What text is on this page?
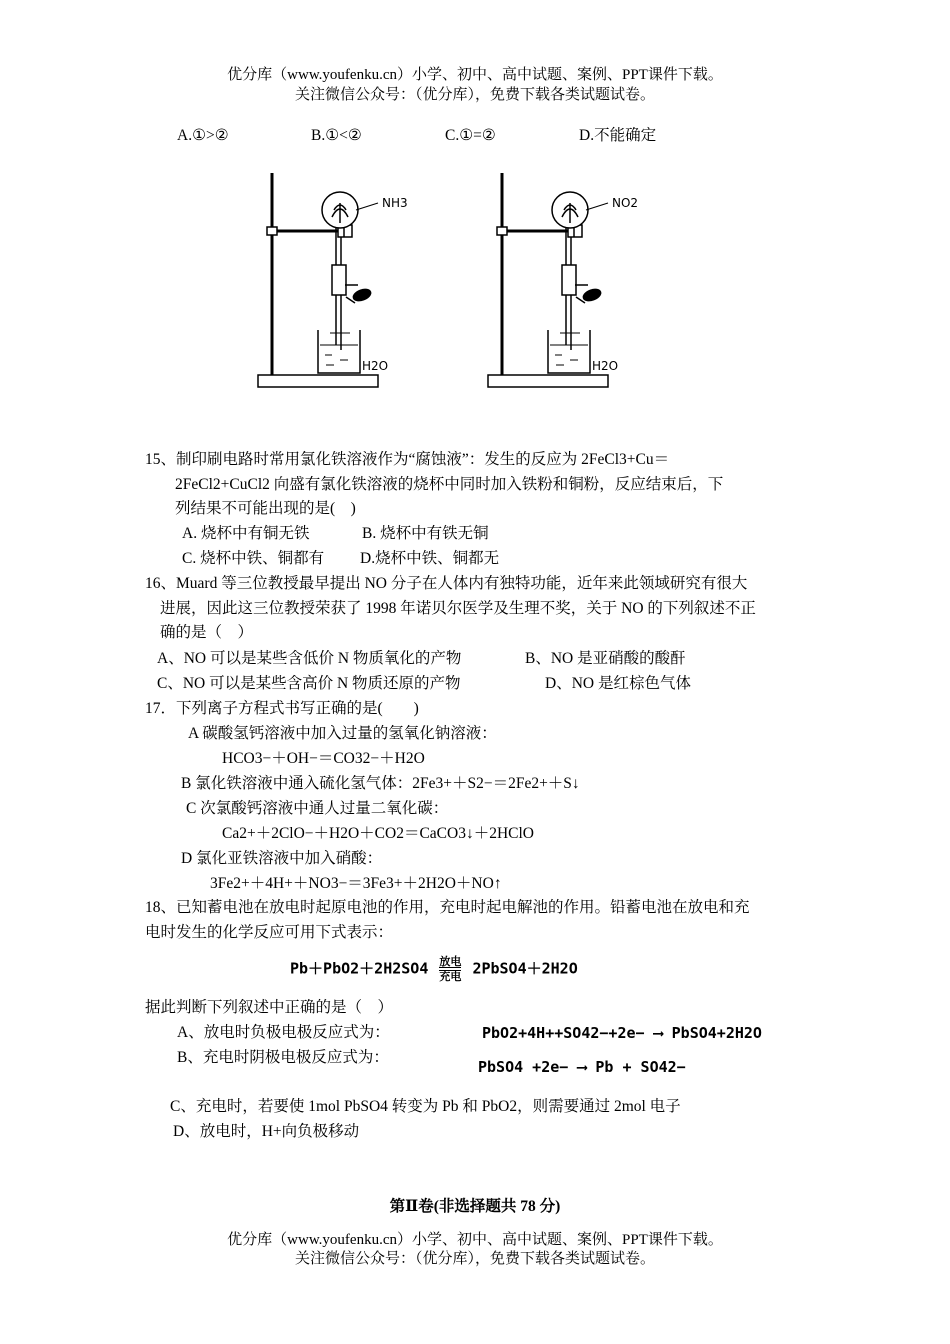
优分库（www.youfenku.cn）小学、初中、高中试题、案例、PPT课件下载。
关注微信公众号：（优分库），免费下载各类试题试卷。
A.①>②	B.①<②	C.①=②	D.不能确定
NH3
H2O
NO2
H2O
15、制印刷电路时常用氯化铁溶液作为“腐蚀液”：发生的反应为 2FeCl3+Cu＝
2FeCl2+CuCl2 向盛有氯化铁溶液的烧杯中同时加入铁粉和铜粉，反应结束后，下
列结果不可能出现的是(　)
A. 烧杯中有铜无铁	B. 烧杯中有铁无铜
C. 烧杯中铁、铜都有 D.烧杯中铁、铜都无
16、Muard 等三位教授最早提出 NO 分子在人体内有独特功能，近年来此领域研究有很大
进展，因此这三位教授荣获了 1998 年诺贝尔医学及生理不奖，关于 NO 的下列叙述不正
确的是（　）
A、NO 可以是某些含低价 N 物质氧化的产物	B、NO 是亚硝酸的酸酐
C、NO 可以是某些含高价 N 物质还原的产物	D、NO 是红棕色气体
17．下列离子方程式书写正确的是(　　)
A 碳酸氢钙溶液中加入过量的氢氧化钠溶液：
HCO3−＋OH−＝CO32−＋H2O
B 氯化铁溶液中通入硫化氢气体：2Fe3+＋S2−＝2Fe2+＋S↓
C 次氯酸钙溶液中通人过量二氧化碳：
Ca2+＋2ClO−＋H2O＋CO2＝CaCO3↓＋2HClO
D 氯化亚铁溶液中加入硝酸：
3Fe2+＋4H+＋NO3−＝3Fe3+＋2H2O＋NO↑
18、已知蓄电池在放电时起原电池的作用，充电时起电解池的作用。铅蓄电池在放电和充
电时发生的化学反应可用下式表示：
Pb＋PbO2＋2H2SO4 放电
充电 2PbSO4＋2H2O
据此判断下列叙述中正确的是（　）
A、放电时负极电极反应式为：	PbO2+4H++SO42−+2e− ⟶ PbSO4+2H2O
B、充电时阴极电极反应式为：
PbSO4 +2e− ⟶ Pb + SO42−
C、充电时，若要使 1mol PbSO4 转变为 Pb 和 PbO2，则需要通过 2mol 电子
D、放电时，H+向负极移动
第Ⅱ卷(非选择题共 78 分)
优分库（www.youfenku.cn）小学、初中、高中试题、案例、PPT课件下载。
关注微信公众号：（优分库），免费下载各类试题试卷。
